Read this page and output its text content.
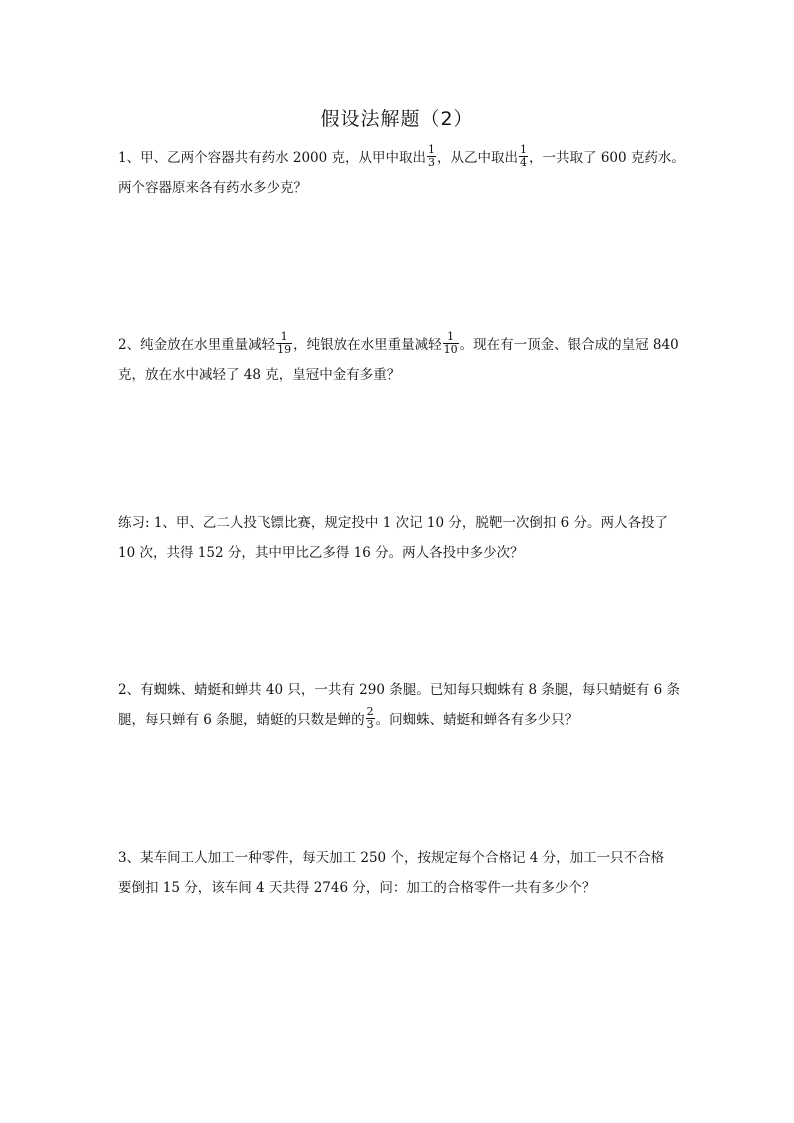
假设法解题（2）
1、甲、乙两个容器共有药水 2000 克，从甲中取出 $\frac{1}{3}$ ，从乙中取出 $\frac{1}{4}$ ，一共取了 600 克药水。
两个容器原来各有药水多少克？
2、纯金放在水里重量减轻 $\frac{1}{19}$ ，纯银放在水里重量减轻 $\frac{1}{10}$ 。现在有一顶金、银合成的皇冠 840
克，放在水中减轻了 48 克，皇冠中金有多重？
练习: 1、甲、乙二人投飞镖比赛，规定投中 1 次记 10 分，脱靶一次倒扣 6 分。两人各投了
10 次，共得 152 分，其中甲比乙多得 16 分。两人各投中多少次？
2、有蜘蛛、蜻蜓和蝉共 40 只，一共有 290 条腿。已知每只蜘蛛有 8 条腿，每只蜻蜓有 6 条
腿，每只蝉有 6 条腿，蜻蜓的只数是蝉的 $\frac{2}{3}$ 。问蜘蛛、蜻蜓和蝉各有多少只？
3、某车间工人加工一种零件，每天加工 250 个，按规定每个合格记 4 分，加工一只不合格
要倒扣 15 分，该车间 4 天共得 2746 分，问：加工的合格零件一共有多少个？
